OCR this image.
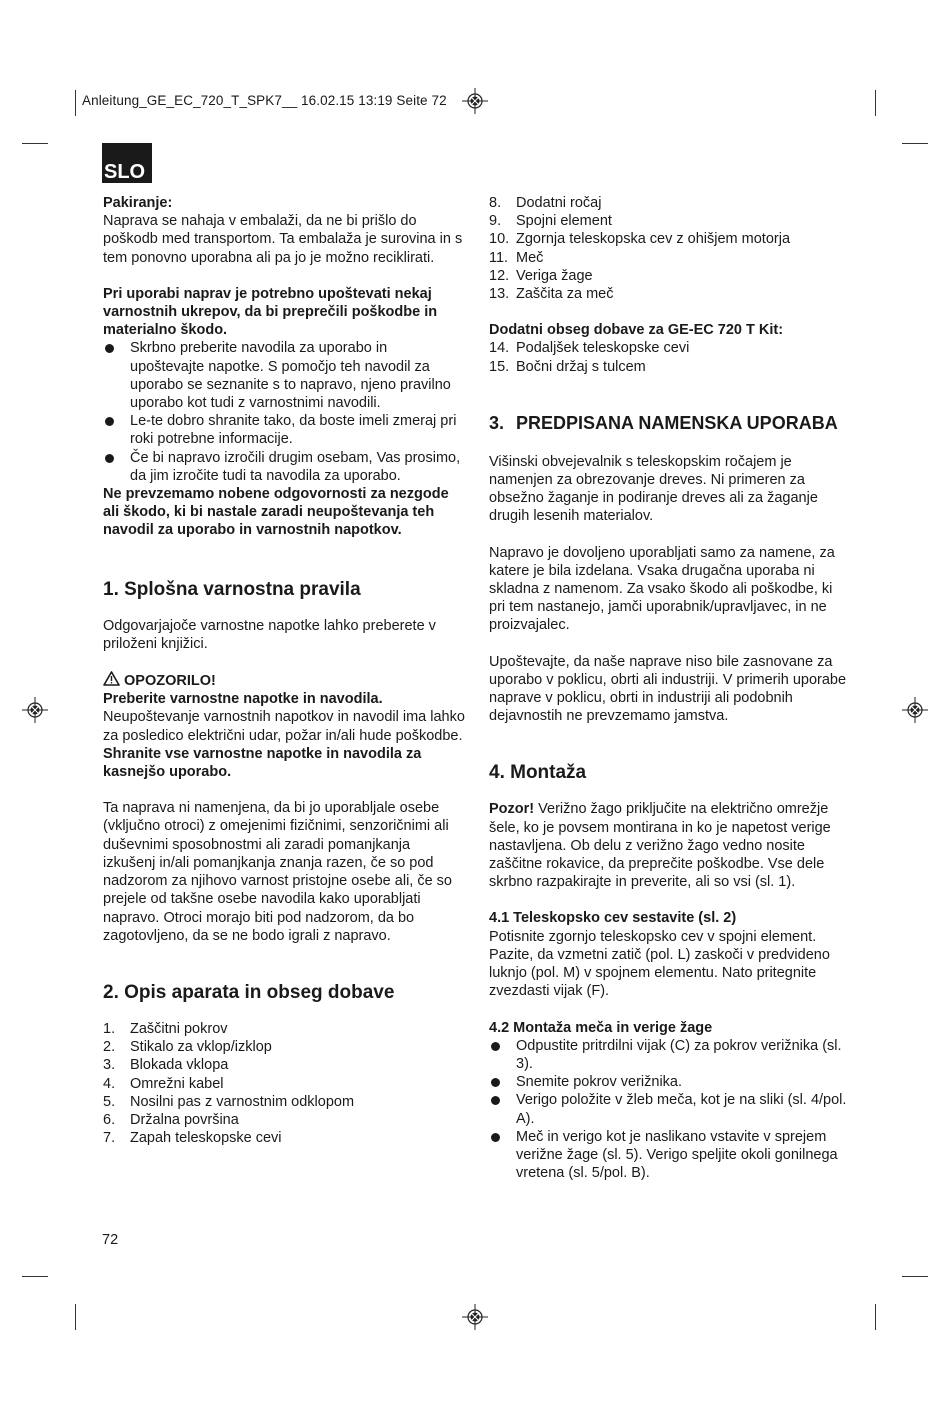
Anleitung_GE_EC_720_T_SPK7__ 16.02.15 13:19 Seite 72
SLO

Pakiranje:

Naprava se nahaja v embalaži, da ne bi prišlo do poškodb med transportom. Ta embalaža je surovina in s tem ponovno uporabna ali pa jo je možno reciklirati.

Pri uporabi naprav je potrebno upoštevati nekaj varnostnih ukrepov, da bi preprečili poškodbe in materialno škodo.

Skrbno preberite navodila za uporabo in upoštevajte napotke. S pomočjo teh navodil za uporabo se seznanite s to napravo, njeno pravilno uporabo kot tudi z varnostnimi navodili.

Le-te dobro shranite tako, da boste imeli zmeraj pri roki potrebne informacije.

Če bi napravo izročili drugim osebam, Vas prosimo, da jim izročite tudi ta navodila za uporabo.

Ne prevzemamo nobene odgovornosti za nezgode ali škodo, ki bi nastale zaradi neupoštevanja teh navodil za uporabo in varnostnih napotkov.

1. Splošna varnostna pravila

Odgovarjajoče varnostne napotke lahko preberete v priloženi knjižici.

OPOZORILO!

Preberite varnostne napotke in navodila.

Neupoštevanje varnostnih napotkov in navodil ima lahko za posledico električni udar, požar in/ali hude poškodbe.

Shranite vse varnostne napotke in navodila za kasnejšo uporabo.

Ta naprava ni namenjena, da bi jo uporabljale osebe (vključno otroci) z omejenimi fizičnimi, senzoričnimi ali duševnimi sposobnostmi ali zaradi pomanjkanja izkušenj in/ali pomanjkanja znanja razen, če so pod nadzorom za njihovo varnost pristojne osebe ali, če so prejele od takšne osebe navodila kako uporabljati napravo. Otroci morajo biti pod nadzorom, da bo zagotovljeno, da se ne bodo igrali z napravo.

2. Opis aparata in obseg dobave

1.	Zaščitni pokrov
2.	Stikalo za vklop/izklop
3.	Blokada vklopa
4.	Omrežni kabel
5.	Nosilni pas z varnostnim odklopom
6.	Držalna površina
7.	Zapah teleskopske cevi
72
8.	Dodatni ročaj
9.	Spojni element
10. Zgornja teleskopska cev z ohišjem motorja
11. Meč
12. Veriga žage
13. Zaščita za meč

Dodatni obseg dobave za GE-EC 720 T Kit:

14. Podaljšek teleskopske cevi
15. Bočni držaj s tulcem
3. PREDPISANA NAMENSKA UPORABA

Višinski obvejevalnik s teleskopskim ročajem je namenjen za obrezovanje dreves. Ni primeren za obsežno žaganje in podiranje dreves ali za žaganje drugih lesenih materialov.

Napravo je dovoljeno uporabljati samo za namene, za katere je bila izdelana. Vsaka drugačna uporaba ni skladna z namenom. Za vsako škodo ali poškodbe, ki pri tem nastanejo, jamči uporabnik/upravljavec, in ne proizvajalec.

Upoštevajte, da naše naprave niso bile zasnovane za uporabo v poklicu, obrti ali industriji. V primerih uporabe naprave v poklicu, obrti in industriji ali podobnih dejavnostih ne prevzemamo jamstva.

4. Montaža

Pozor! Verižno žago priključite na električno omrežje šele, ko je povsem montirana in ko je napetost verige nastavljena. Ob delu z verižno žago vedno nosite zaščitne rokavice, da preprečite poškodbe. Vse dele skrbno razpakirajte in preverite, ali so vsi (sl. 1).

4.1 Teleskopsko cev sestavite (sl. 2)

Potisnite zgornjo teleskopsko cev v spojni element. Pazite, da vzmetni zatič (pol. L) zaskoči v predvideno luknjo (pol. M) v spojnem elementu. Nato pritegnite zvezdasti vijak (F).

4.2 Montaža meča in verige žage

Odpustite pritrdilni vijak (C) za pokrov verižnika (sl. 3).

Snemite pokrov verižnika.

Verigo položite v žleb meča, kot je na sliki (sl. 4/pol. A).

Meč in verigo kot je naslikano vstavite v sprejem verižne žage (sl. 5). Verigo speljite okoli gonilnega vretena (sl. 5/pol. B).
